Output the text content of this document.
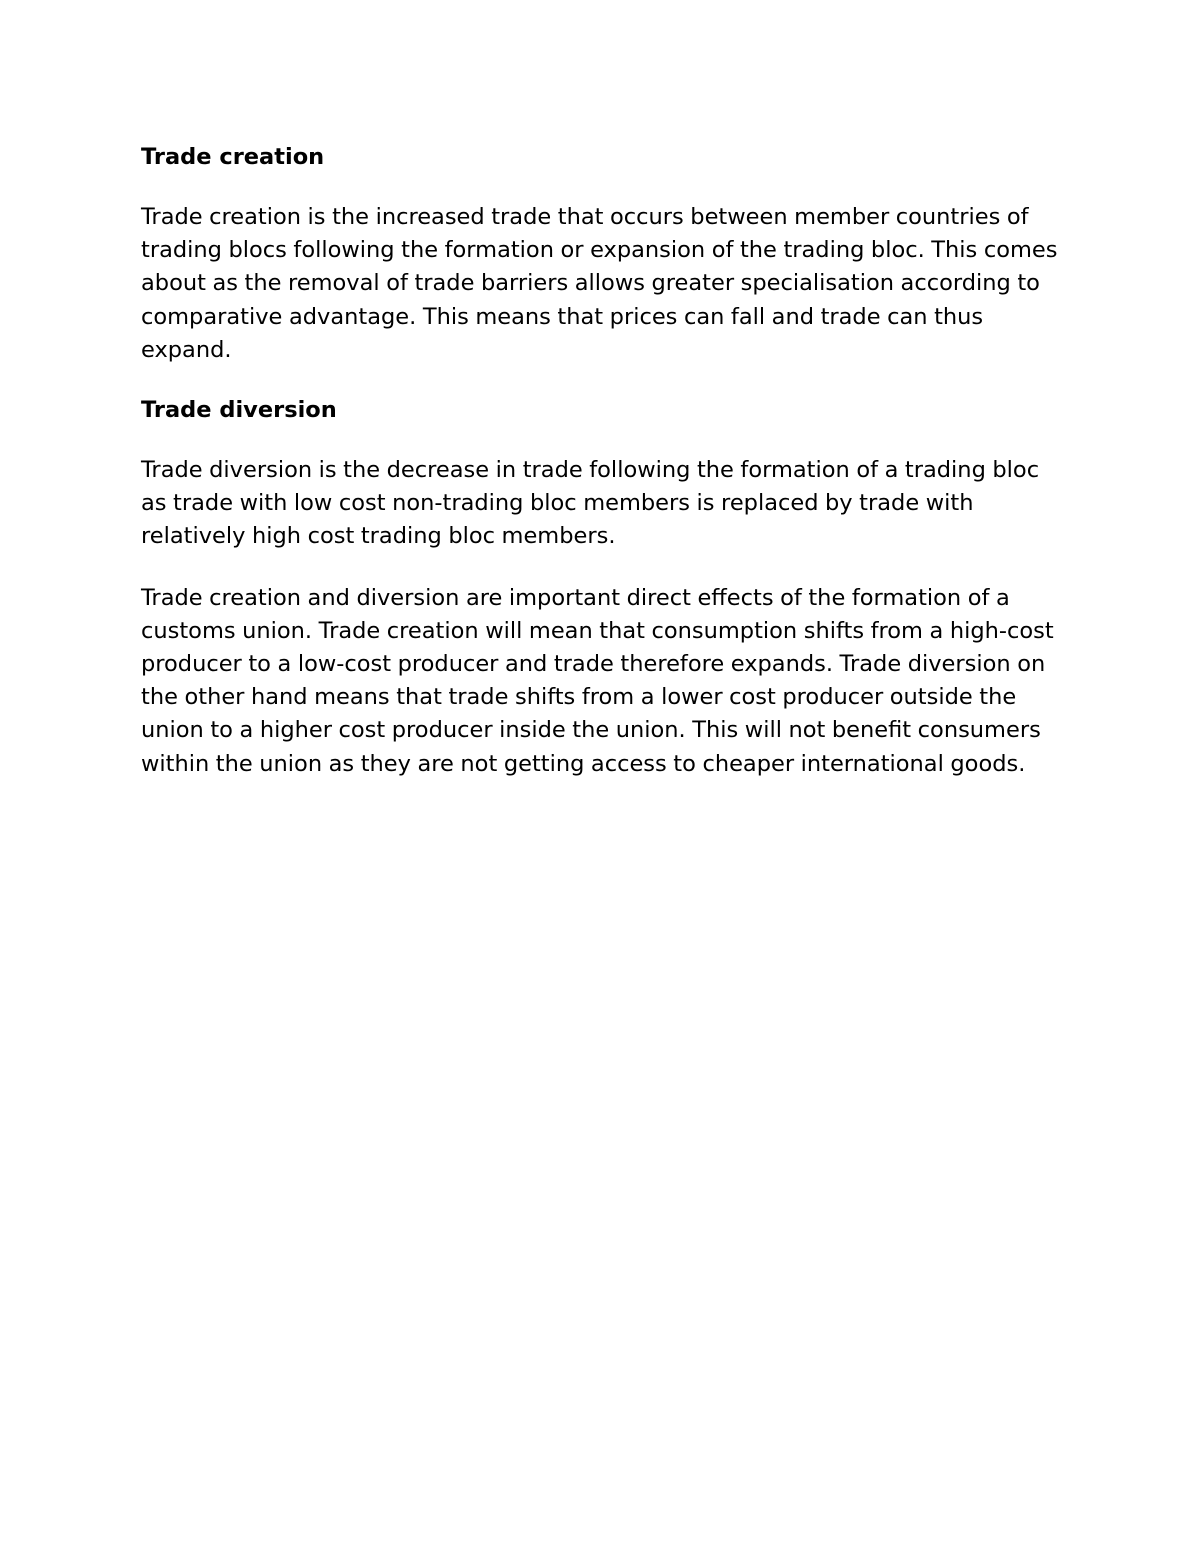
Trade creation

Trade creation is the increased trade that occurs between member countries of trading blocs following the formation or expansion of the trading bloc. This comes about as the removal of trade barriers allows greater specialisation according to comparative advantage. This means that prices can fall and trade can thus expand.

Trade diversion

Trade diversion is the decrease in trade following the formation of a trading bloc as trade with low cost non-trading bloc members is replaced by trade with relatively high cost trading bloc members.

Trade creation and diversion are important direct effects of the formation of a customs union. Trade creation will mean that consumption shifts from a high-cost producer to a low-cost producer and trade therefore expands. Trade diversion on the other hand means that trade shifts from a lower cost producer outside the union to a higher cost producer inside the union. This will not benefit consumers within the union as they are not getting access to cheaper international goods.
